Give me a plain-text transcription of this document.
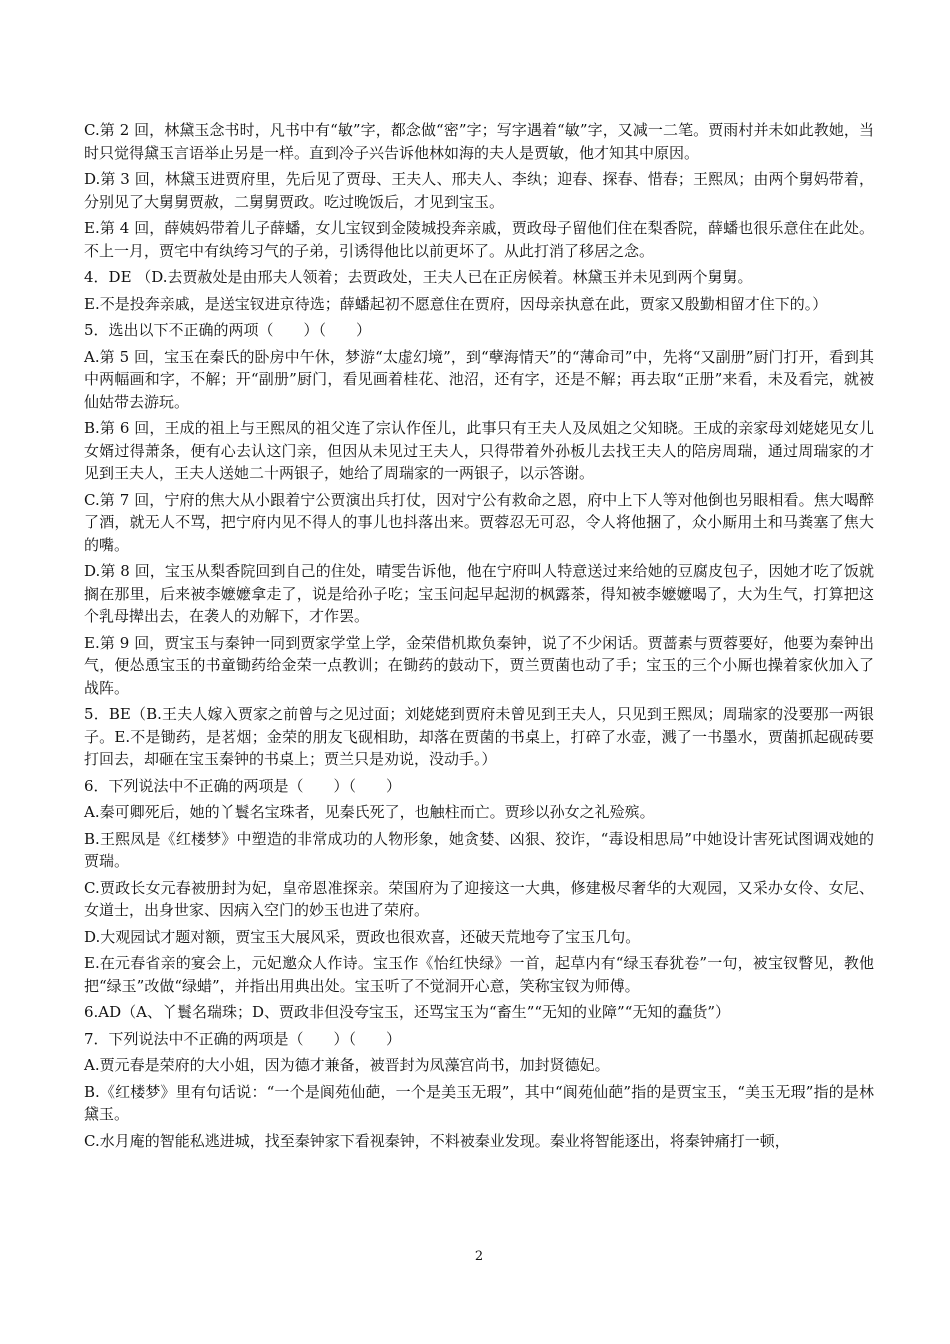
C.第 2 回，林黛玉念书时，凡书中有“敏”字，都念做“密”字；写字遇着“敏”字，又减一二笔。贾雨村并未如此教她，当时只觉得黛玉言语举止另是一样。直到冷子兴告诉他林如海的夫人是贾敏，他才知其中原因。

D.第 3 回，林黛玉进贾府里，先后见了贾母、王夫人、邢夫人、李纨；迎春、探春、惜春；王熙凤；由两个舅妈带着，分别见了大舅舅贾赦，二舅舅贾政。吃过晚饭后，才见到宝玉。

E.第 4 回，薛姨妈带着儿子薛蟠，女儿宝钗到金陵城投奔亲戚，贾政母子留他们住在梨香院，薛蟠也很乐意住在此处。不上一月，贾宅中有纨绔习气的子弟，引诱得他比以前更坏了。从此打消了移居之念。

4．DE （D.去贾赦处是由邢夫人领着；去贾政处，王夫人已在正房候着。林黛玉并未见到两个舅舅。

E.不是投奔亲戚，是送宝钗进京待选；薛蟠起初不愿意住在贾府，因母亲执意在此，贾家又殷勤相留才住下的。）

5．选出以下不正确的两项（　　）（　　）

A.第 5 回，宝玉在秦氏的卧房中午休，梦游“太虚幻境”，到“孽海情天”的“薄命司”中，先将“又副册”厨门打开，看到其中两幅画和字，不解；开“副册”厨门，看见画着桂花、池沼，还有字，还是不解；再去取“正册”来看，未及看完，就被仙姑带去游玩。

B.第 6 回，王成的祖上与王熙凤的祖父连了宗认作侄儿，此事只有王夫人及凤姐之父知晓。王成的亲家母刘姥姥见女儿女婿过得萧条，便有心去认这门亲，但因从未见过王夫人，只得带着外孙板儿去找王夫人的陪房周瑞，通过周瑞家的才见到王夫人，王夫人送她二十两银子，她给了周瑞家的一两银子，以示答谢。

C.第 7 回，宁府的焦大从小跟着宁公贾演出兵打仗，因对宁公有救命之恩，府中上下人等对他倒也另眼相看。焦大喝醉了酒，就无人不骂，把宁府内见不得人的事儿也抖落出来。贾蓉忍无可忍，令人将他捆了，众小厮用土和马粪塞了焦大的嘴。

D.第 8 回，宝玉从梨香院回到自己的住处，晴雯告诉他，他在宁府叫人特意送过来给她的豆腐皮包子，因她才吃了饭就搁在那里，后来被李嬷嬷拿走了，说是给孙子吃；宝玉问起早起沏的枫露茶，得知被李嬷嬷喝了，大为生气，打算把这个乳母撵出去，在袭人的劝解下，才作罢。

E.第 9 回，贾宝玉与秦钟一同到贾家学堂上学，金荣借机欺负秦钟，说了不少闲话。贾蔷素与贾蓉要好，他要为秦钟出气，便怂恿宝玉的书童锄药给金荣一点教训；在锄药的鼓动下，贾兰贾菌也动了手；宝玉的三个小厮也操着家伙加入了战阵。

5．BE（B.王夫人嫁入贾家之前曾与之见过面；刘姥姥到贾府未曾见到王夫人，只见到王熙凤；周瑞家的没要那一两银子。E.不是锄药，是茗烟；金荣的朋友飞砚相助，却落在贾菌的书桌上，打碎了水壶，溅了一书墨水，贾菌抓起砚砖要打回去，却砸在宝玉秦钟的书桌上；贾兰只是劝说，没动手。）

6．下列说法中不正确的两项是（　　）（　　）

A.秦可卿死后，她的丫鬟名宝珠者，见秦氏死了，也触柱而亡。贾珍以孙女之礼殓殡。

B.王熙凤是《红楼梦》中塑造的非常成功的人物形象，她贪婪、凶狠、狡诈，“毒设相思局”中她设计害死试图调戏她的贾瑞。

C.贾政长女元春被册封为妃，皇帝恩准探亲。荣国府为了迎接这一大典，修建极尽奢华的大观园，又采办女伶、女尼、女道士，出身世家、因病入空门的妙玉也进了荣府。

D.大观园试才题对额，贾宝玉大展风采，贾政也很欢喜，还破天荒地夸了宝玉几句。

E.在元春省亲的宴会上，元妃邀众人作诗。宝玉作《怡红快绿》一首，起草内有“绿玉春犹卷”一句，被宝钗瞥见，教他把“绿玉”改做“绿蜡”，并指出用典出处。宝玉听了不觉洞开心意，笑称宝钗为师傅。

6.AD（A、丫鬟名瑞珠；D、贾政非但没夸宝玉，还骂宝玉为“畜生”“无知的业障”“无知的蠢货”）

7．下列说法中不正确的两项是（　　）（　　）

A.贾元春是荣府的大小姐，因为德才兼备，被晋封为凤藻宫尚书，加封贤德妃。

B.《红楼梦》里有句话说：“一个是阆苑仙葩，一个是美玉无瑕”，其中“阆苑仙葩”指的是贾宝玉，“美玉无瑕”指的是林黛玉。

C.水月庵的智能私逃进城，找至秦钟家下看视秦钟，不料被秦业发现。秦业将智能逐出，将秦钟痛打一顿，

2
